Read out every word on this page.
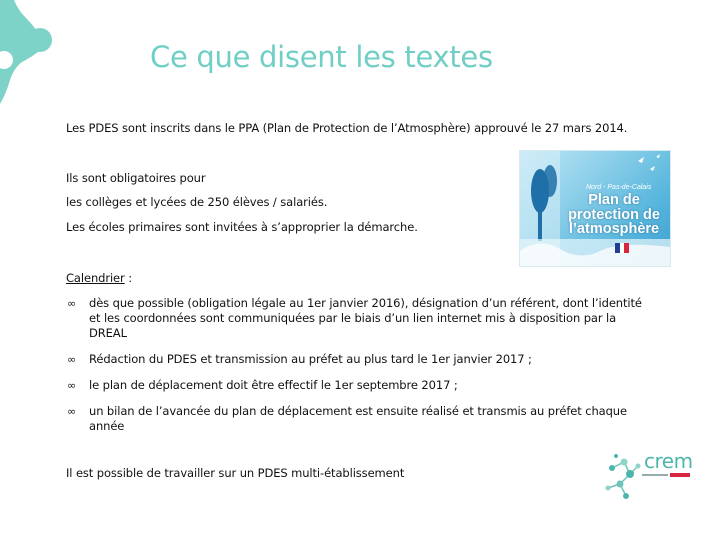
Ce que disent les textes
Les PDES sont inscrits dans le PPA (Plan de Protection de l’Atmosphère) approuvé le 27 mars 2014.
Ils sont obligatoires pour
les collèges et lycées de 250 élèves / salariés.
Les écoles primaires sont invitées à s’approprier la démarche.
Nord - Pas-de-Calais
Plan de protection de l’atmosphère
Calendrier :
∞ dès que possible (obligation légale au 1er janvier 2016), désignation d’un référent, dont l’identité et les coordonnées sont communiquées par le biais d’un lien internet mis à disposition par la DREAL
∞ Rédaction du PDES et transmission au préfet au plus tard le 1er janvier 2017 ;
∞ le plan de déplacement doit être effectif le 1er septembre 2017 ;
∞ un bilan de l’avancée du plan de déplacement est ensuite réalisé et transmis au préfet chaque année
Il est possible de travailler sur un PDES multi-établissement	crem
